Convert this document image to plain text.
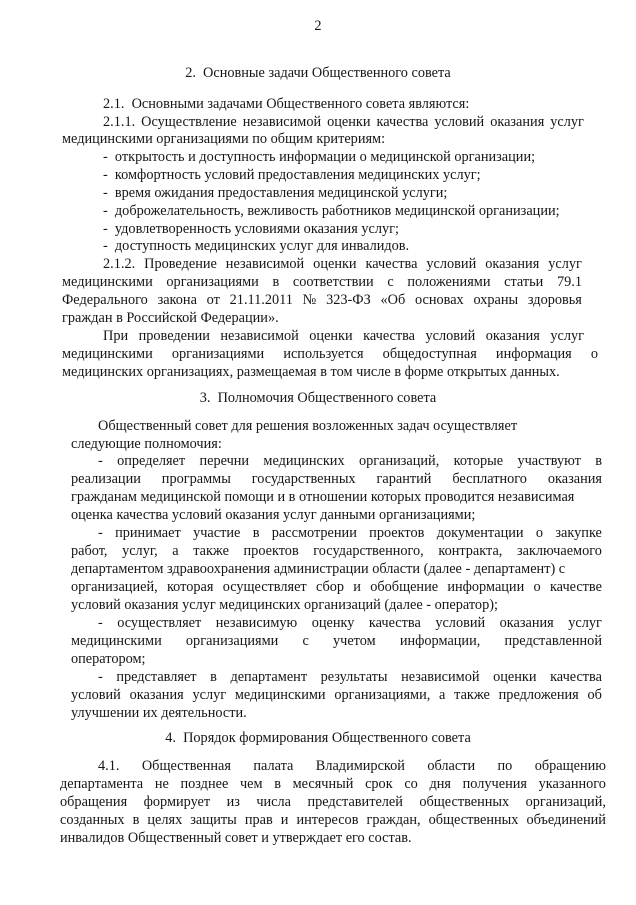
2
2.  Основные задачи Общественного совета
2.1.  Основными задачами Общественного совета являются:
2.1.1. Осуществление независимой оценки качества условий оказания услуг
медицинскими организациями по общим критериям:
-  открытость и доступность информации о медицинской организации;
-  комфортность условий предоставления медицинских услуг;
-  время ожидания предоставления медицинской услуги;
-  доброжелательность, вежливость работников медицинской организации;
-  удовлетворенность условиями оказания услуг;
-  доступность медицинских услуг для инвалидов.
2.1.2. Проведение независимой оценки качества условий оказания услуг
медицинскими организациями в соответствии с положениями статьи 79.1
Федерального закона от 21.11.2011 № 323-ФЗ «Об основах охраны здоровья
граждан в Российской Федерации».
При проведении независимой оценки качества условий оказания услуг
медицинскими организациями используется общедоступная информация о
медицинских организациях, размещаемая в том числе в форме открытых данных.
3.  Полномочия Общественного совета
Общественный совет для решения возложенных задач осуществляет
следующие полномочия:
- определяет перечни медицинских организаций, которые участвуют в
реализации программы государственных гарантий бесплатного оказания
гражданам медицинской помощи и в отношении которых проводится независимая
оценка качества условий оказания услуг данными организациями;
- принимает участие в рассмотрении проектов документации о закупке
работ, услуг, а также проектов государственного, контракта, заключаемого
департаментом здравоохранения администрации области (далее - департамент) с
организацией, которая осуществляет сбор и обобщение информации о качестве
условий оказания услуг медицинских организаций (далее - оператор);
- осуществляет независимую оценку качества условий оказания услуг
медицинскими организациями с учетом информации, представленной
оператором;
- представляет в департамент результаты независимой оценки качества
условий оказания услуг медицинскими организациями, а также предложения об
улучшении их деятельности.
4.  Порядок формирования Общественного совета
4.1. Общественная палата Владимирской области по обращению
департамента не позднее чем в месячный срок со дня получения указанного
обращения формирует из числа представителей общественных организаций,
созданных в целях защиты прав и интересов граждан, общественных объединений
инвалидов Общественный совет и утверждает его состав.
